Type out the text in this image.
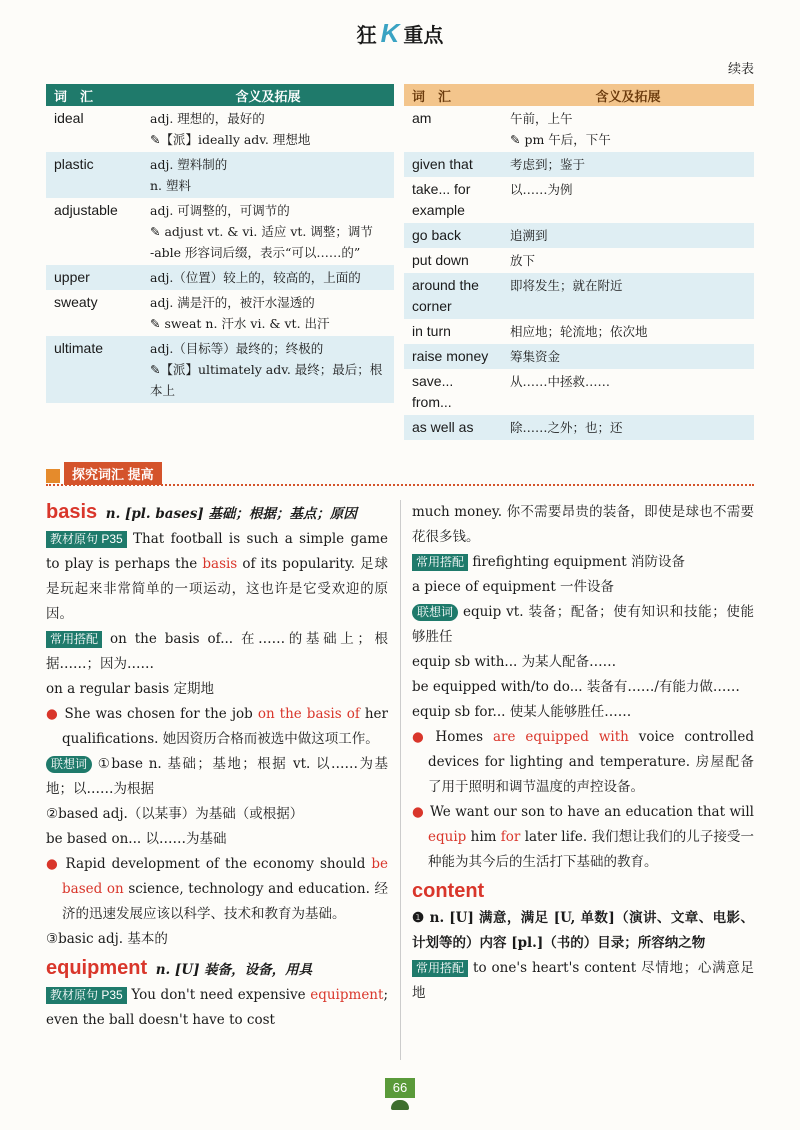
狂 K 重点
续表
词　汇	含义及拓展
ideal	adj. 理想的，最好的
✎【派】ideally adv. 理想地

plastic	adj. 塑料制的
n. 塑料

adjustable	adj. 可调整的，可调节的
✎ adjust vt. & vi. 适应 vt. 调整；调节
-able 形容词后缀，表示“可以……的”

upper	adj.（位置）较上的，较高的，上面的

sweaty	adj. 满是汗的，被汗水湿透的
✎ sweat n. 汗水 vi. & vt. 出汗

ultimate	adj.（目标等）最终的；终极的
✎【派】ultimately adv. 最终；最后；根本上
词　汇	含义及拓展
am	午前，上午
✎ pm 午后，下午

given that	考虑到；鉴于

take... for example	以……为例

go back	追溯到

put down	放下

around the corner	即将发生；就在附近

in turn	相应地；轮流地；依次地

raise money	筹集资金

save... from...	从……中拯救……

as well as	除……之外；也；还
探究词汇 提高

basis n. [pl. bases] 基础；根据；基点；原因

教材原句 P35 That football is such a simple game to play is perhaps the basis of its popularity. 足球是玩起来非常简单的一项运动，这也许是它受欢迎的原因。

常用搭配 on the basis of... 在……的基础上；根据……；因为……

on a regular basis 定期地

● She was chosen for the job on the basis of her qualifications. 她因资历合格而被选中做这项工作。

联想词 ①base n. 基础；基地；根据 vt. 以……为基地；以……为根据

②based adj.（以某事）为基础（或根据）

be based on... 以……为基础

● Rapid development of the economy should be based on science, technology and education. 经济的迅速发展应该以科学、技术和教育为基础。

③basic adj. 基本的

equipment n. [U] 装备，设备，用具

教材原句 P35 You don't need expensive equipment; even the ball doesn't have to cost

much money. 你不需要昂贵的装备，即使是球也不需要花很多钱。

常用搭配 firefighting equipment 消防设备

a piece of equipment 一件设备

联想词 equip vt. 装备；配备；使有知识和技能；使能够胜任

equip sb with... 为某人配备……

be equipped with/to do... 装备有……/有能力做……

equip sb for... 使某人能够胜任……

● Homes are equipped with voice controlled devices for lighting and temperature. 房屋配备了用于照明和调节温度的声控设备。

● We want our son to have an education that will equip him for later life. 我们想让我们的儿子接受一种能为其今后的生活打下基础的教育。

content

❶ n. [U] 满意，满足 [U, 单数]（演讲、文章、电影、计划等的）内容 [pl.]（书的）目录；所容纳之物

常用搭配 to one's heart's content 尽情地；心满意足地

66
